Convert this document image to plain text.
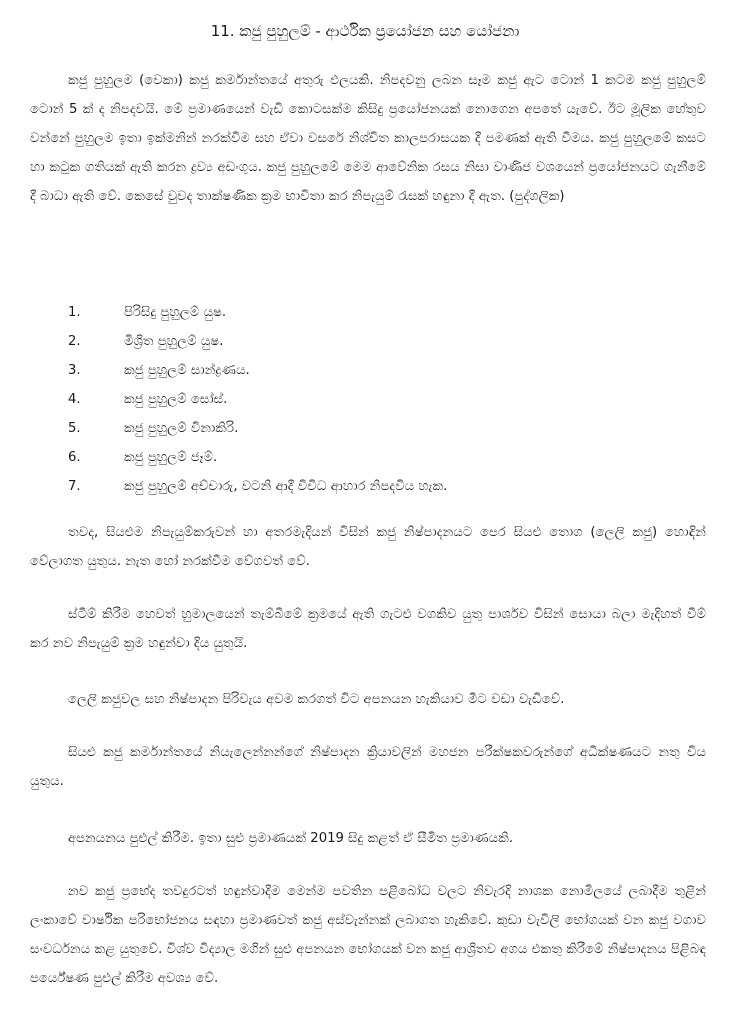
11. කජු පුහුලම් - ආර්ථික ප්‍රයෝජන සහ යෝජනා

කජු පුහුලම (වෙකා) කජු කර්මාන්තයේ අතුරු ඵලයකි. නිපදවනු ලබන සෑම කජු ඇට ටොන් 1 කටම කජු පුහුලම් ටොන් 5 ක් ද නිපදවයි. මේ ප්‍රමාණයෙන් වැඩි කොටසක්ම කිසිදු ප්‍රයෝජනයක් නොගෙන අපතේ යැවේ. ඊට මූලික හේතුව වන්නේ පුහුලම ඉතා ඉක්මනින් නරක්වීම සහ ඒවා වසරේ නිශ්චිත කාලපරාසයක දී පමණක් ඇති වීමය. කජු පුහුලමේ කසට හා කටුක ගතියක් ඇති කරන ද්‍රව්‍ය අඩංගුය. කජු පුහුලමේ මෙම ආවේනික රසය නිසා වාණිජ වශයෙන් ප්‍රයෝජනයට ගැනීමේ දී බාධා ඇති වේ. කෙසේ වුවද තාක්ෂණික ක්‍රම භාවිතා කර නිපැයුම් රැසක් හඳුනා දී ඇත. (පුද්ගලික)

1.	පිරිසිදු පුහුලම් යුෂ.
2.	මිශ්‍රිත පුහුලම් යුෂ.
3.	කජු පුහුලම් සාන්ද්‍රණය.
4.	කජු පුහුලම් සෝස්.
5.	කජු පුහුලම් විනාකිරි.
6.	කජු පුහුලම් ජෑම්.
7.	කජු පුහුලම් අච්චාරු, වටනි ආදී විවිධ ආහාර නිපදවිය හැක.

තවද, සියළුම නිපැයුම්කරුවන් හා අතරමැදියන් විසින් කජු නිෂ්පාදනයට පෙර සියළු තොග (ලෙලි කජු) හොඳින් වේලාගත යුතුය. නැත හෝ නරක්වීම වේගවත් වේ.

ස්ටීම් කිරීම හෙවත් හුමාලයෙන් තැම්බීමේ ක්‍රමයේ ඇති ගැටළු වගකිව යුතු පාර්ශව විසින් සොයා බලා මැදිහත් වීම් කර නව නිපැයුම් ක්‍රම හඳුන්වා දිය යුතුයි.

ලෙලි කජුවල සහ නිෂ්පාදන පිරිවැය අවම කරගත් විට අපනයන හැකියාව මීට වඩා වැඩිවේ.

සියළු කජු කර්මාන්තයේ නියැලෙන්නන්ගේ නිෂ්පාදන ක්‍රියාවලින් මහජන පරීක්ෂකවරුන්ගේ අධීක්ෂණයට නතු විය යුතුය.

අපනයනය පුළුල් කිරීම. ඉතා සුළු ප්‍රමාණයක් 2019 සිදු කළත් ඒ සීමිත ප්‍රමාණයකි.

නව කජු ප්‍රභේද තවදුරටත් හඳුන්වාදීම මෙන්ම පවතින පළිබෝධ වලට නිවැරදි නාශක නොමිලයේ ලබාදීම තුළින් ලංකාවේ වාර්ෂික පරිභෝජනය සඳහා ප්‍රමාණවත් කජු අස්වැන්නක් ලබාගත හැකිවේ. කුඩා වැවිලි භෝගයක් වන කජු වගාව සංවර්ධනය කළ යුතුවේ. විශ්ව විද්‍යාල මගින් සුළු අපනයන භෝගයක් වන කජු ආශ්‍රිතව අගය එකතු කිරීමේ නිෂ්පාදනය පිළිබඳ පර්යේෂණ පුළුල් කිරීම අවශ්‍ය වේ.
